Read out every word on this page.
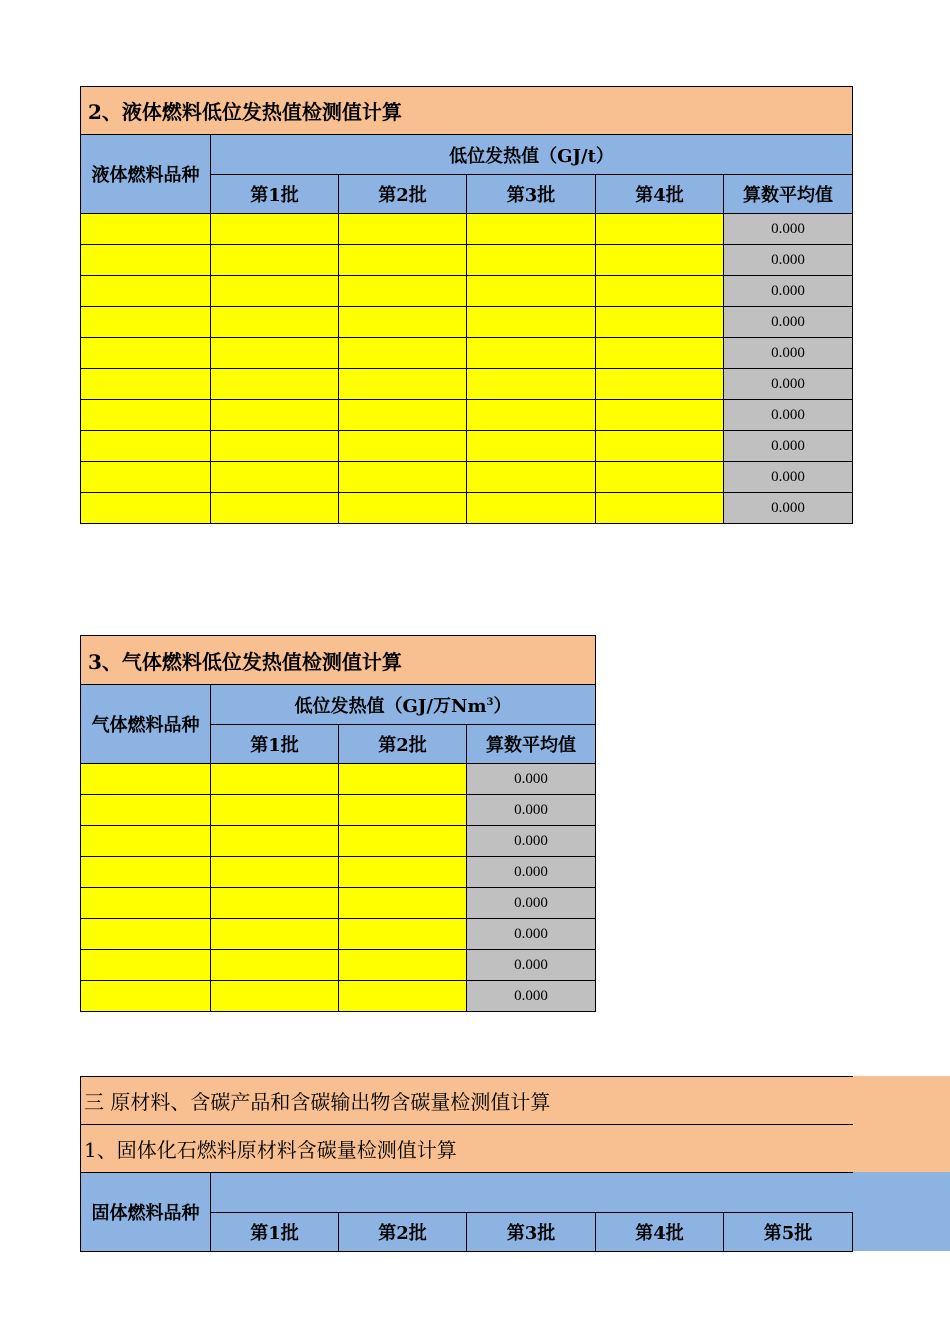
2、液体燃料低位发热值检测值计算					
液体燃料品种	低位发热值（GJ/t）				
	第1批	第2批	第3批	第4批	算数平均值
					0.000
					0.000
					0.000
					0.000
					0.000
					0.000
					0.000
					0.000
					0.000
					0.000
3、气体燃料低位发热值检测值计算			
气体燃料品种	低位发热值（GJ/万Nm$^3$）		
	第1批	第2批	算数平均值
			0.000
			0.000
			0.000
			0.000
			0.000
			0.000
			0.000
			0.000
三 原材料、含碳产品和含碳输出物含碳量检测值计算					
1、固体化石燃料原材料含碳量检测值计算					
固体燃料品种					
	第1批	第2批	第3批	第4批	第5批
